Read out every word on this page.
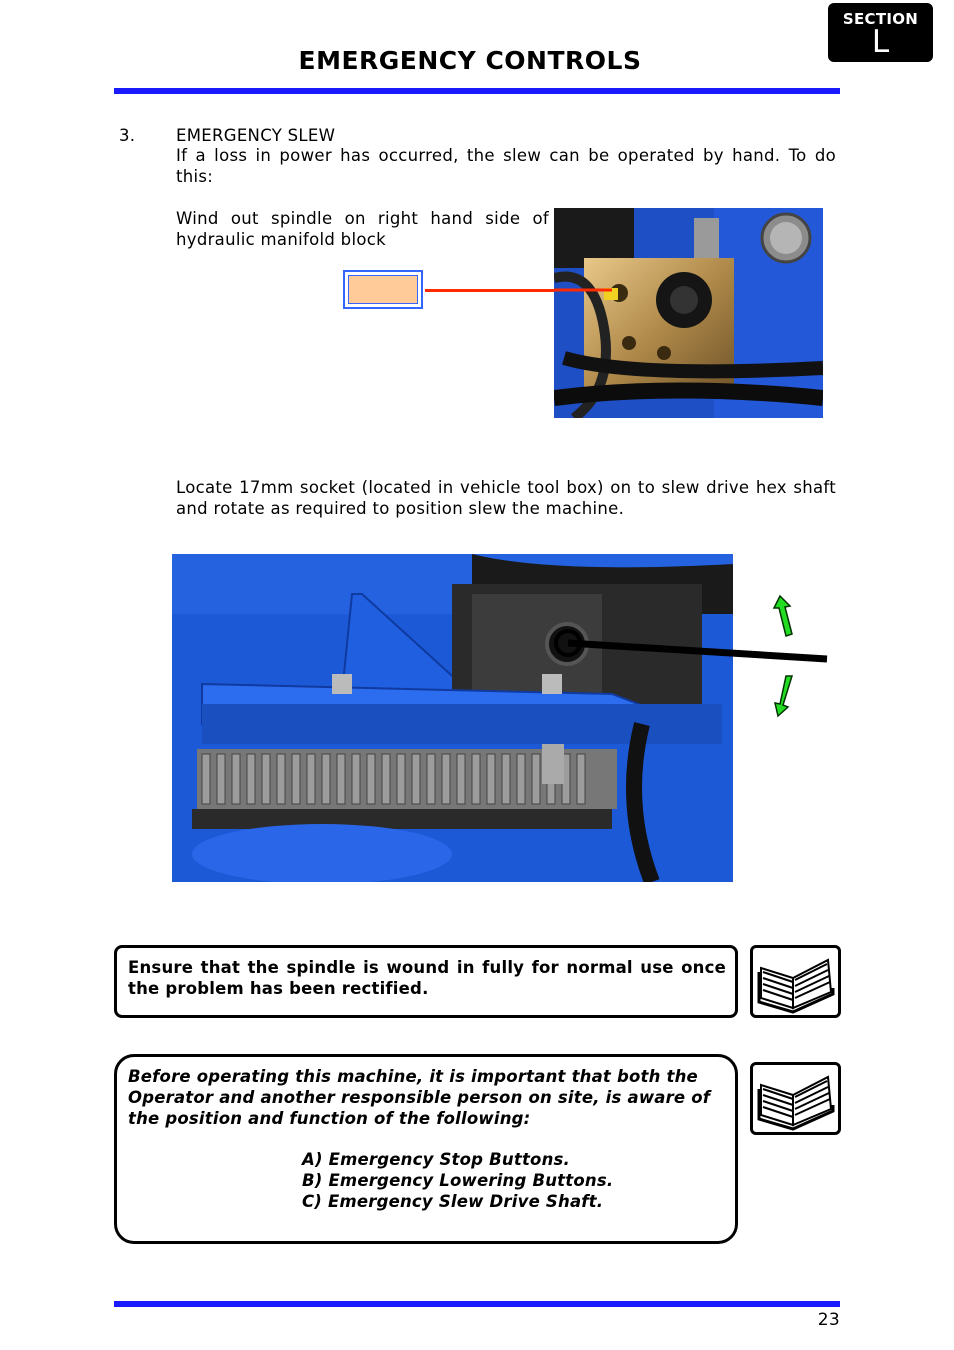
SECTION
L
EMERGENCY CONTROLS
3. EMERGENCY SLEW
If a loss in power has occurred, the slew can be operated by hand. To do this:
Wind out spindle on right hand side of hydraulic manifold block
Locate 17mm socket (located in vehicle tool box) on to slew drive hex shaft and rotate as required to position slew the machine.
Ensure that the spindle is wound in fully for normal use once the problem has been rectified.
Before operating this machine, it is important that both the Operator and another responsible person on site, is aware of the position and function of the following:
A) Emergency Stop Buttons.
B) Emergency Lowering Buttons.
C) Emergency Slew Drive Shaft.
23
